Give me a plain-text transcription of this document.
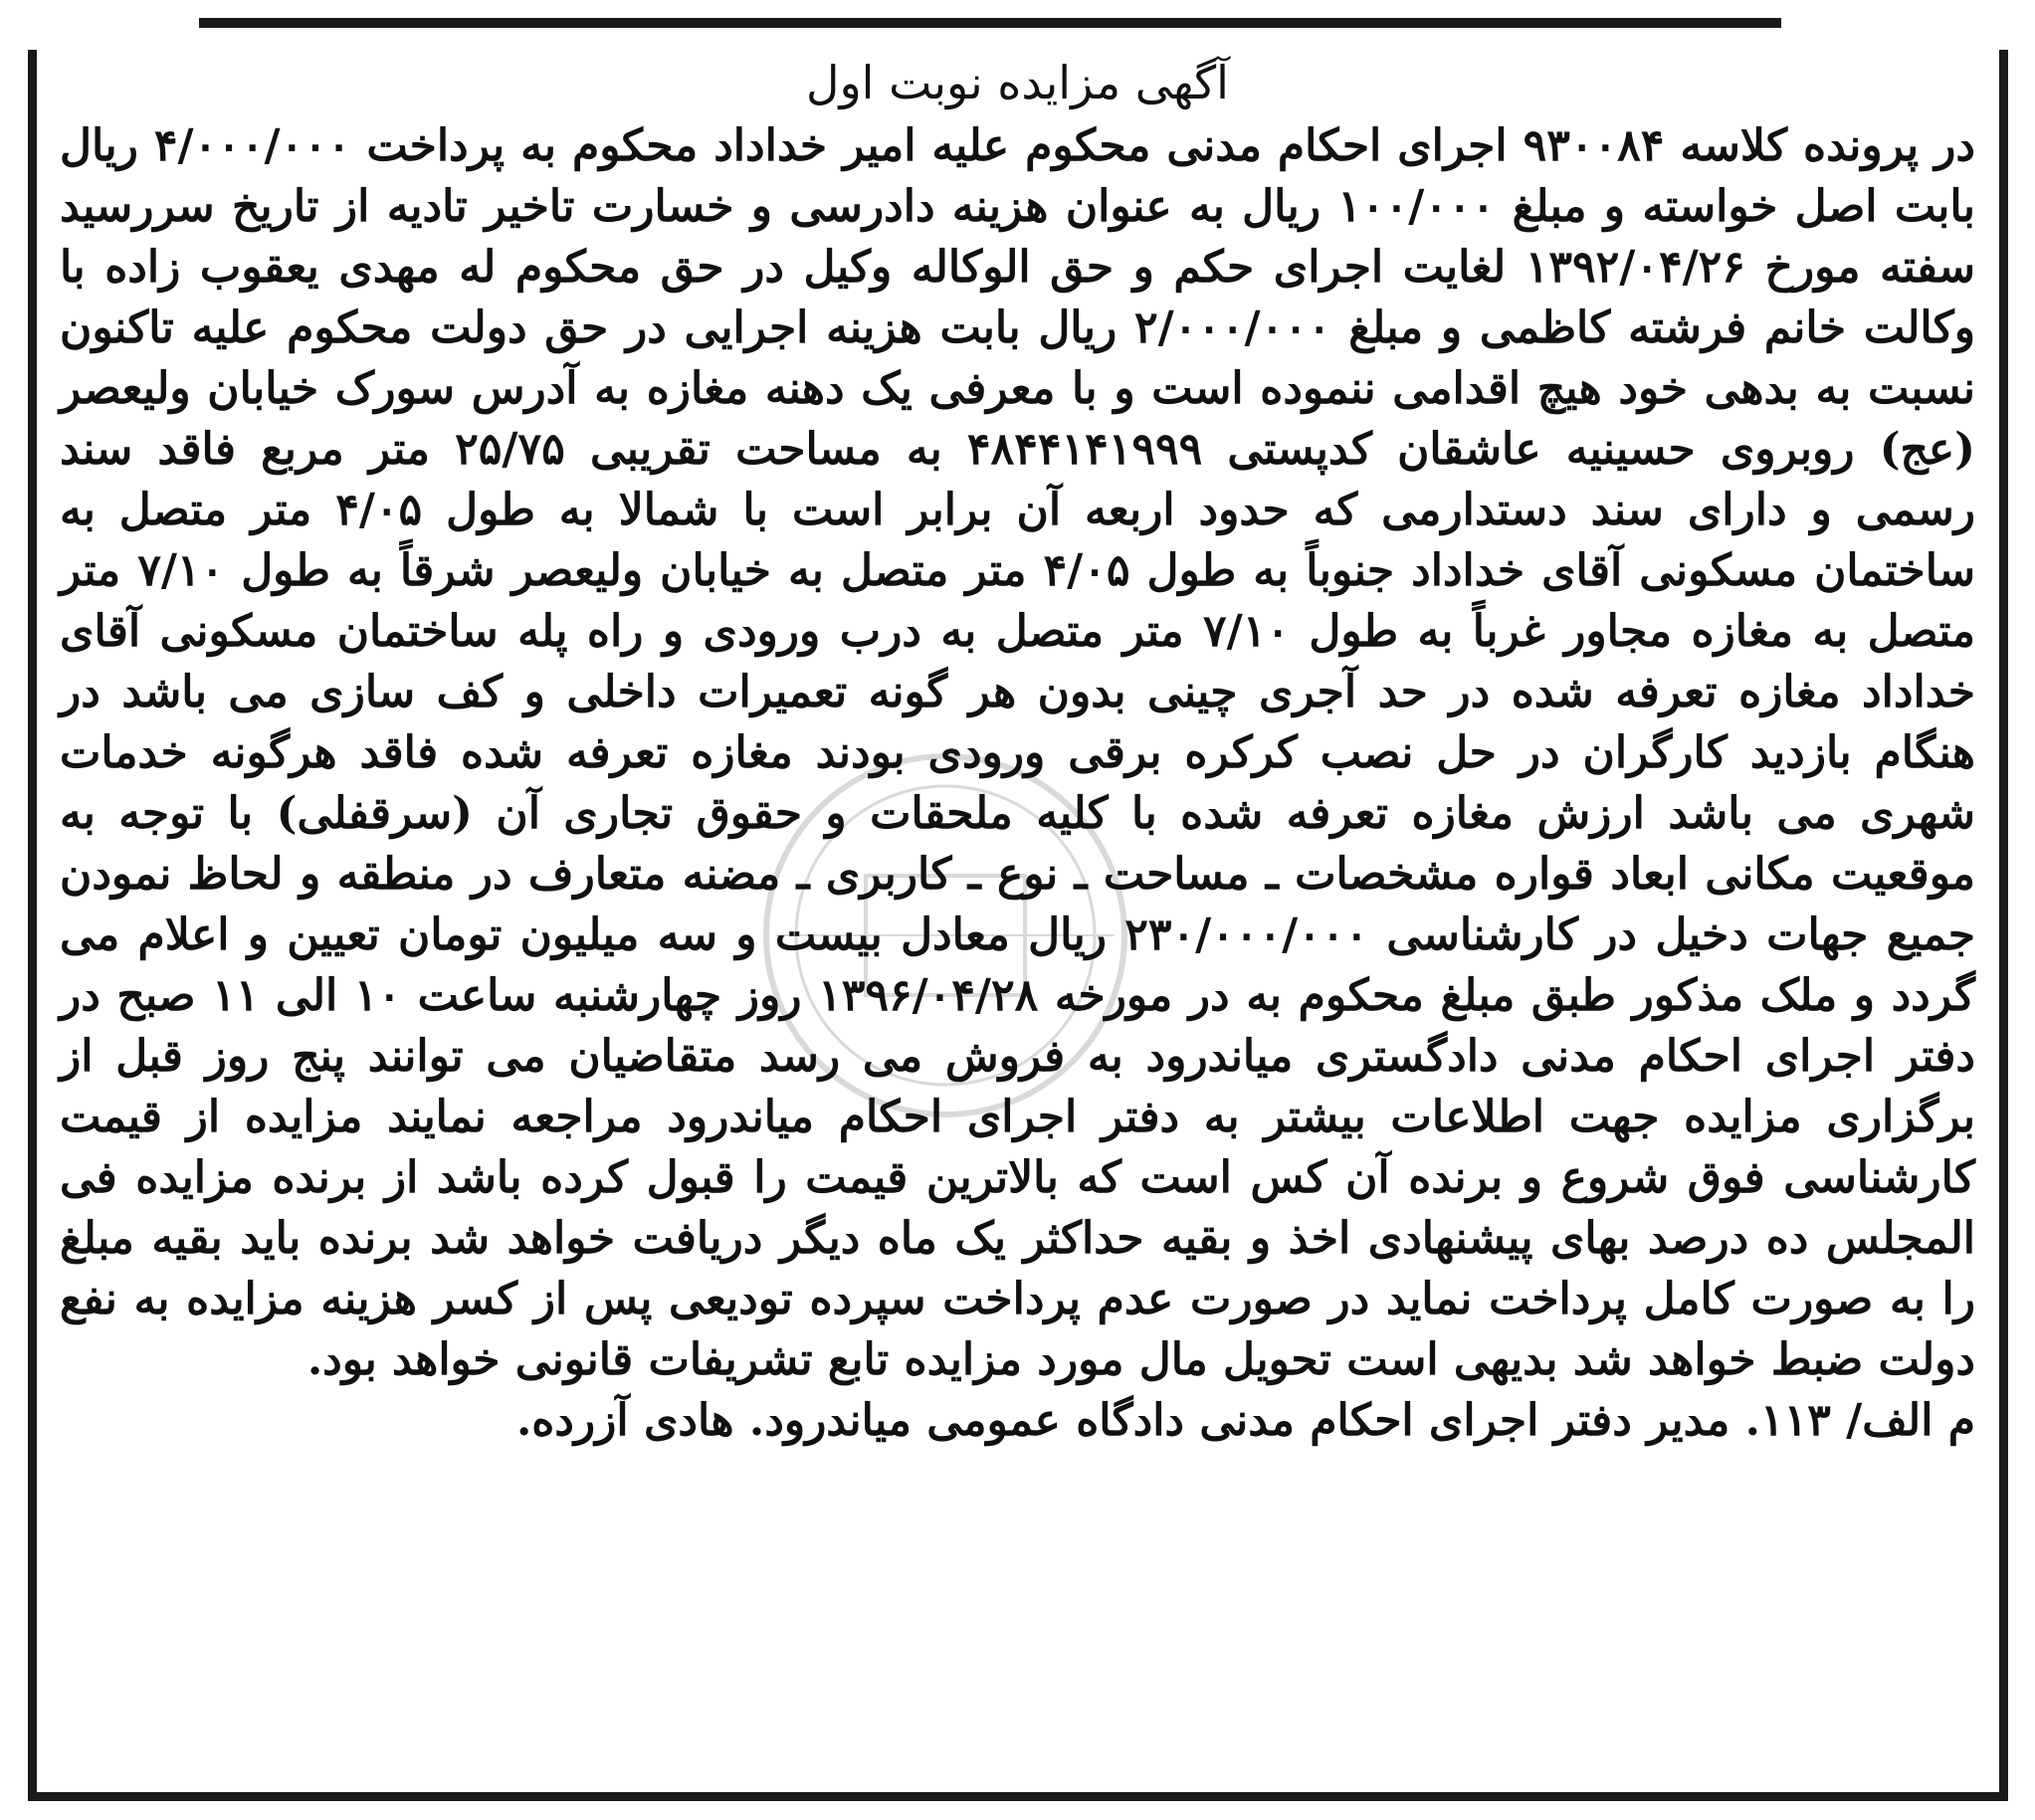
آگهی مزایده نوبت اول

در پرونده کلاسه ۹۳۰۰۸۴ اجرای احکام مدنی محکوم علیه امیر خداداد محکوم به پرداخت ۴/۰۰۰/۰۰۰ ریال بابت اصل خواسته و مبلغ ۱۰۰/۰۰۰ ریال به عنوان هزینه دادرسی و خسارت تاخیر تادیه از تاریخ سررسید سفته مورخ ۱۳۹۲/۰۴/۲۶ لغایت اجرای حکم و حق الوکاله وکیل در حق محکوم له مهدی یعقوب زاده با وکالت خانم فرشته کاظمی و مبلغ ۲/۰۰۰/۰۰۰ ریال بابت هزینه اجرایی در حق دولت محکوم علیه تاکنون نسبت به بدهی خود هیچ اقدامی ننموده است و با معرفی یک دهنه مغازه به آدرس سورک خیابان ولیعصر (عج) روبروی حسینیه عاشقان کدپستی ۴۸۴۴۱۴۱۹۹۹ به مساحت تقریبی ۲۵/۷۵ متر مربع فاقد سند رسمی و دارای سند دستدارمی که حدود اربعه آن برابر است با شمالا به طول ۴/۰۵ متر متصل به ساختمان مسکونی آقای خداداد جنوباً به طول ۴/۰۵ متر متصل به خیابان ولیعصر شرقاً به طول ۷/۱۰ متر متصل به مغازه مجاور غرباً به طول ۷/۱۰ متر متصل به درب ورودی و راه پله ساختمان مسکونی آقای خداداد مغازه تعرفه شده در حد آجری چینی بدون هر گونه تعمیرات داخلی و کف سازی می باشد در هنگام بازدید کارگران در حل نصب کرکره برقی ورودی بودند مغازه تعرفه شده فاقد هرگونه خدمات شهری می باشد ارزش مغازه تعرفه شده با کلیه ملحقات و حقوق تجاری آن (سرقفلی) با توجه به موقعیت مکانی ابعاد قواره مشخصات ـ مساحت ـ نوع ـ کاربری ـ مضنه متعارف در منطقه و لحاظ نمودن جمیع جهات دخیل در کارشناسی ۲۳۰/۰۰۰/۰۰۰ ریال معادل بیست و سه میلیون تومان تعیین و اعلام می گردد و ملک مذکور طبق مبلغ محکوم به در مورخه ۱۳۹۶/۰۴/۲۸ روز چهارشنبه ساعت ۱۰ الی ۱۱ صبح در دفتر اجرای احکام مدنی دادگستری میاندرود به فروش می رسد متقاضیان می توانند پنج روز قبل از برگزاری مزایده جهت اطلاعات بیشتر به دفتر اجرای احکام میاندرود مراجعه نمایند مزایده از قیمت کارشناسی فوق شروع و برنده آن کس است که بالاترین قیمت را قبول کرده باشد از برنده مزایده فی المجلس ده درصد بهای پیشنهادی اخذ و بقیه حداکثر یک ماه دیگر دریافت خواهد شد برنده باید بقیه مبلغ را به صورت کامل پرداخت نماید در صورت عدم پرداخت سپرده تودیعی پس از کسر هزینه مزایده به نفع دولت ضبط خواهد شد بدیهی است تحویل مال مورد مزایده تابع تشریفات قانونی خواهد بود.

م الف/ ۱۱۳. مدیر دفتر اجرای احکام مدنی دادگاه عمومی میاندرود. هادی آزرده.
